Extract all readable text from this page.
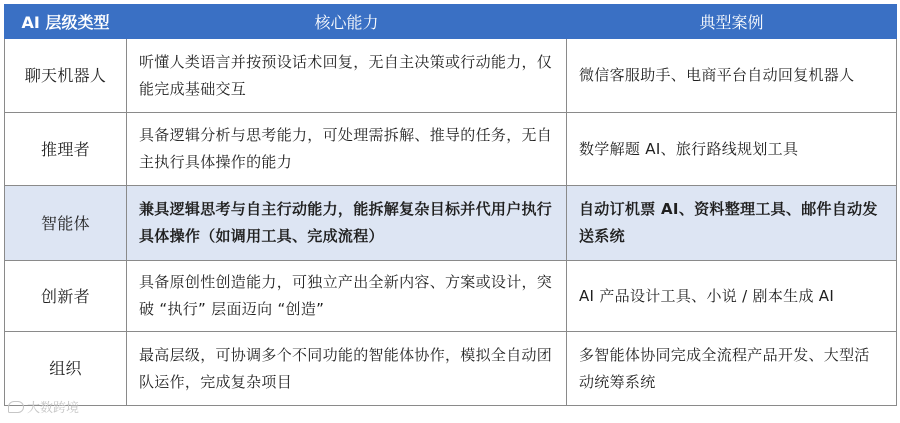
AI 层级类型	核心能力	典型案例
聊天机器人	听懂人类语言并按预设话术回复，无自主决策或行动能力，仅能完成基础交互	微信客服助手、电商平台自动回复机器人
推理者	具备逻辑分析与思考能力，可处理需拆解、推导的任务，无自主执行具体操作的能力	数学解题 AI、旅行路线规划工具
智能体	兼具逻辑思考与自主行动能力，能拆解复杂目标并代用户执行具体操作（如调用工具、完成流程）	自动订机票 AI、资料整理工具、邮件自动发送系统
创新者	具备原创性创造能力，可独立产出全新内容、方案或设计，突破 “执行” 层面迈向 “创造”	AI 产品设计工具、小说 / 剧本生成 AI
组织	最高层级，可协调多个不同功能的智能体协作，模拟全自动团队运作，完成复杂项目	多智能体协同完成全流程产品开发、大型活动统筹系统
大数跨境
